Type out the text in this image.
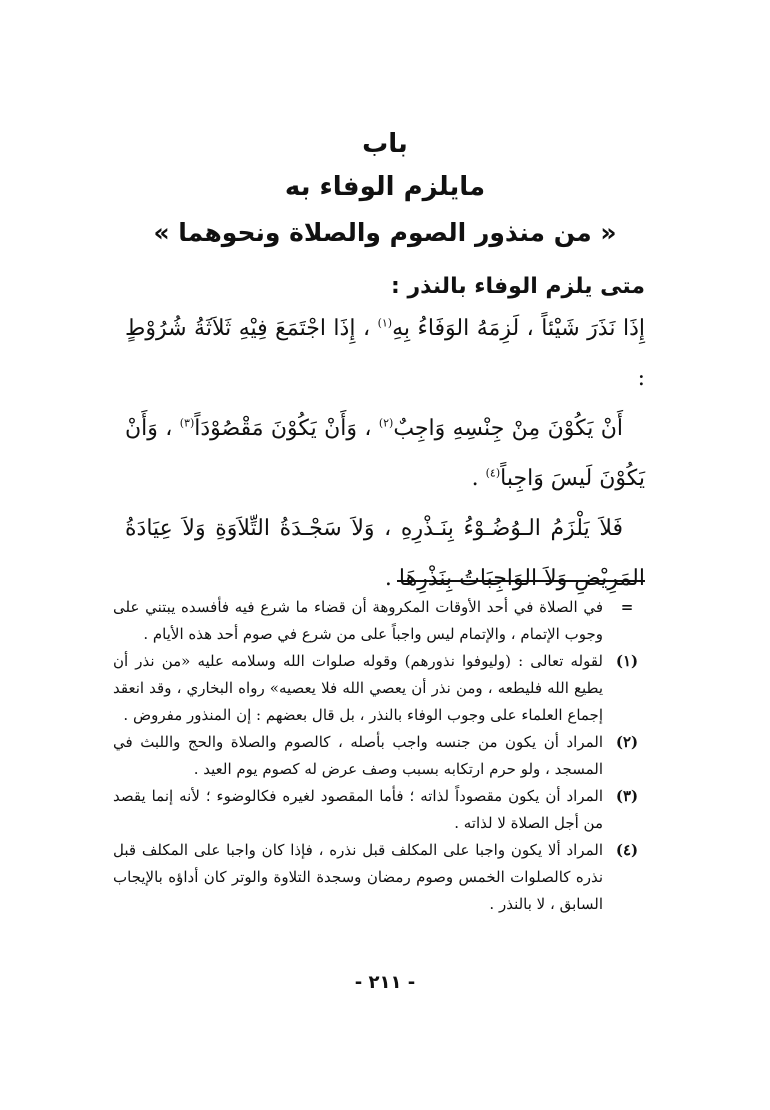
باب
مايلزم الوفاء به
« من منذور الصوم والصلاة ونحوهما »
متى يلزم الوفاء بالنذر :
إِذَا نَذَرَ شَيْئاً ، لَزِمَهُ الوَفَاءُ بِهِ$^{(١)}$ ، إِذَا اجْتَمَعَ فِيْهِ ثَلاَثَةُ شُرُوْطٍ :
أَنْ يَكُوْنَ مِنْ جِنْسِهِ وَاجِبٌ$^{(٢)}$ ، وَأَنْ يَكُوْنَ مَقْصُوْدَاً$^{(٣)}$ ، وَأَنْ يَكُوْنَ لَيسَ وَاجِباً$^{(٤)}$ .
فَلاَ يَلْزَمُ الـوُضُـوْءُ بِنَـذْرِهِ ، وَلاَ سَجْـدَةُ التِّلاَوَةِ وَلاَ عِيَادَةُ المَرِيْضِ وَلاَ الوَاجِبَاتُ بِنَذْرِهَا .
=
في الصلاة في أحد الأوقات المكروهة أن قضاء ما شرع فيه فأفسده يبتني على وجوب الإتمام ، والإتمام ليس واجباً على من شرع في صوم أحد هذه الأيام .
(١)
لقوله تعالى : (وليوفوا نذورهم) وقوله صلوات الله وسلامه عليه «من نذر أن يطيع الله فليطعه ، ومن نذر أن يعصي الله فلا يعصيه» رواه البخاري ، وقد انعقد إجماع العلماء على وجوب الوفاء بالنذر ، بل قال بعضهم : إن المنذور مفروض .
(٢)
المراد أن يكون من جنسه واجب بأصله ، كالصوم والصلاة والحج واللبث في المسجد ، ولو حرم ارتكابه بسبب وصف عرض له كصوم يوم العيد .
(٣)
المراد أن يكون مقصوداً لذاته ؛ فأما المقصود لغيره فكالوضوء ؛ لأنه إنما يقصد من أجل الصلاة لا لذاته .
(٤)
المراد ألا يكون واجبا على المكلف قبل نذره ، فإذا كان واجبا على المكلف قبل نذره كالصلوات الخمس وصوم رمضان وسجدة التلاوة والوتر كان أداؤه بالإيجاب السابق ، لا بالنذر .
- ٢١١ -
